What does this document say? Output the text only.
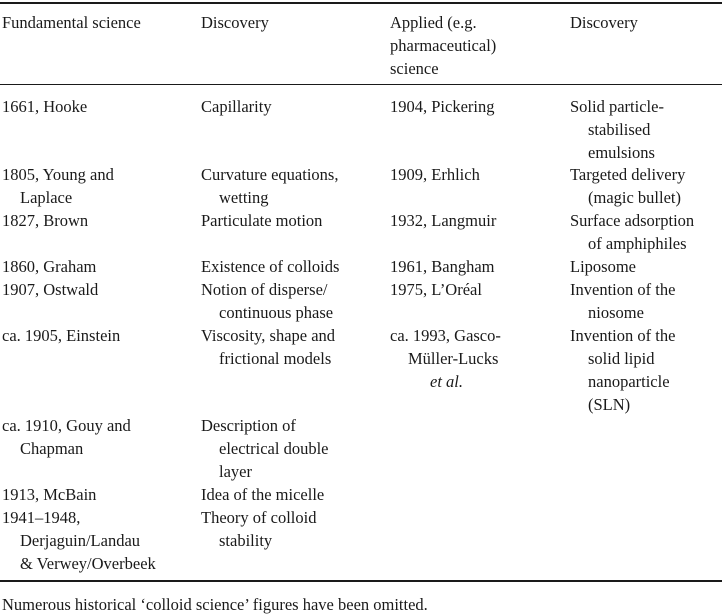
Fundamental science	Discovery	Applied (e.g.
pharmaceutical)
science
Discovery
1661, Hooke
1805, Young and
Laplace
1827, Brown
1860, Graham
1907, Ostwald
ca. 1905, Einstein
ca. 1910, Gouy and
Chapman
1913, McBain
1941–1948,
Derjaguin/Landau
& Verwey/Overbeek
Capillarity
Curvature equations,
wetting
Particulate motion
Existence of colloids
Notion of disperse/
continuous phase
Viscosity, shape and
frictional models
Description of
electrical double
layer
Idea of the micelle
Theory of colloid
stability
1904, Pickering
1909, Erhlich
1932, Langmuir
1961, Bangham
1975, L’Oréal
ca. 1993, Gasco-
Müller-Lucks
et al.
Solid particle-
stabilised
emulsions
Targeted delivery
(magic bullet)
Surface adsorption
of amphiphiles
Liposome
Invention of the
niosome
Invention of the
solid lipid
nanoparticle
(SLN)
Numerous historical ‘colloid science’ figures have been omitted.
